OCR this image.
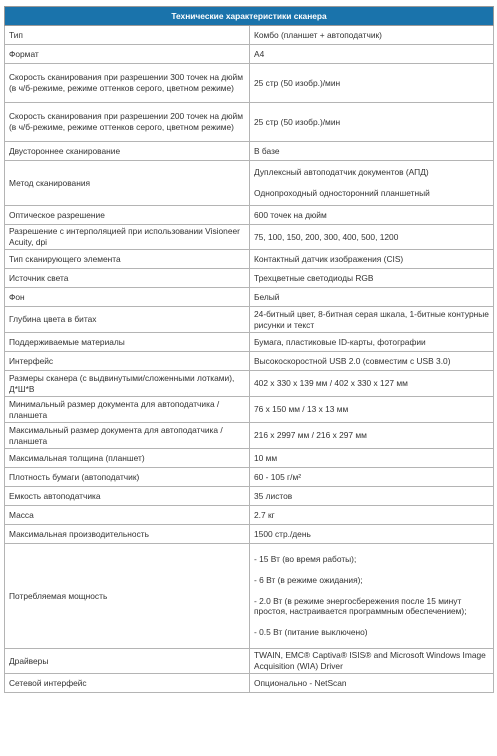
Технические характеристики сканера	
Тип	Комбо (планшет + автоподатчик)
Формат	A4
Скорость сканирования при разрешении 300 точек на дюйм (в ч/б-режиме, режиме оттенков серого, цветном режиме)	25 стр (50 изобр.)/мин
Скорость сканирования при разрешении 200 точек на дюйм (в ч/б-режиме, режиме оттенков серого, цветном режиме)	25 стр (50 изобр.)/мин
Двустороннее сканирование	В базе
Метод сканирования	Дуплексный автоподатчик документов (АПД)

Однопроходный односторонний планшетный

Оптическое разрешение	600 точек на дюйм
Разрешение с интерполяцией при использовании Visioneer Acuity, dpi	75, 100, 150, 200, 300, 400, 500, 1200
Тип сканирующего элемента	Контактный датчик изображения (CIS)
Источник света	Трехцветные светодиоды RGB
Фон	Белый
Глубина цвета в битах	24-битный цвет, 8-битная серая шкала, 1-битные контурные рисунки и текст
Поддерживаемые материалы	Бумага, пластиковые ID-карты, фотографии
Интерфейс	Высокоскоростной USB 2.0 (совместим с USB 3.0)
Размеры сканера (с выдвинутыми/сложенными лотками), Д*Ш*В	402 x 330 x 139 мм / 402 x 330 x 127 мм
Минимальный размер документа для автоподатчика / планшета	76 x 150 мм / 13 x 13 мм
Максимальный размер документа для автоподатчика / планшета	216 x 2997 мм / 216 x 297 мм
Максимальная толщина (планшет)	10 мм
Плотность бумаги (автоподатчик)	60 - 105 г/м²
Емкость автоподатчика	35 листов
Масса	2.7 кг
Максимальная производительность	1500 стр./день
Потребляемая мощность	- 15 Вт (во время работы);

- 6 Вт (в режиме ожидания);

- 2.0 Вт (в режиме энергосбережения после 15 минут простоя, настраивается программным обеспечением);

- 0.5 Вт (питание выключено)

Драйверы	TWAIN, EMC® Captiva® ISIS® and Microsoft Windows Image Acquisition (WIA) Driver
Сетевой интерфейс	Опционально - NetScan
